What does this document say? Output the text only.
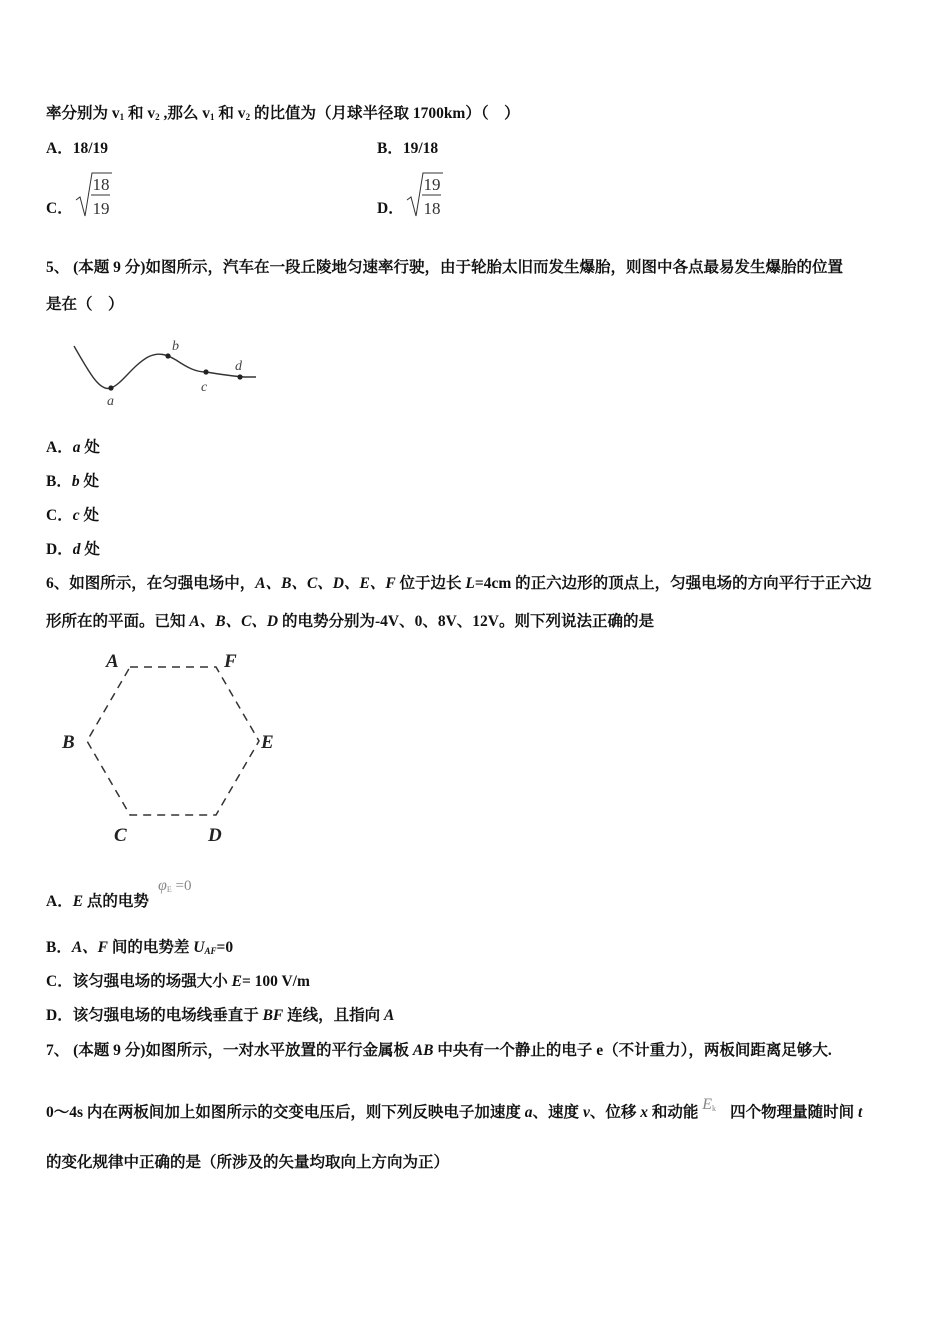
率分别为 $v_1$ 和 $v_2$ ,那么 $v_1$ 和 $v_2$ 的比值为（月球半径取 1700km）（　）
A．18/19	B．19/18
C．
18
19	D．
19
18
5、 (本题 9 分)如图所示，汽车在一段丘陵地匀速率行驶，由于轮胎太旧而发生爆胎，则图中各点最易发生爆胎的位置
是在（　）
a
b
c
d
A．a 处
B．b 处
C．c 处
D．d 处
6、如图所示，在匀强电场中，A、B、C、D、E、F 位于边长 L=4cm 的正六边形的顶点上，匀强电场的方向平行于正六边
形所在的平面。已知 A、B、C、D 的电势分别为-4V、0、8V、12V。则下列说法正确的是
A	F
B	E
C	D
A．E 点的电势
$\varphi_E =0$
B．A、F 间的电势差 $U_{AF}=0$
C．该匀强电场的场强大小 E= 100 V/m
D．该匀强电场的电场线垂直于 BF 连线，且指向 A
7、 (本题 9 分)如图所示，一对水平放置的平行金属板 AB 中央有一个静止的电子 e（不计重力），两板间距离足够大.
0～4s 内在两板间加上如图所示的交变电压后，则下列反映电子加速度 a、速度 v、位移 x 和动能 $E_k$ 四个物理量随时间 t
的变化规律中正确的是（所涉及的矢量均取向上方向为正）
